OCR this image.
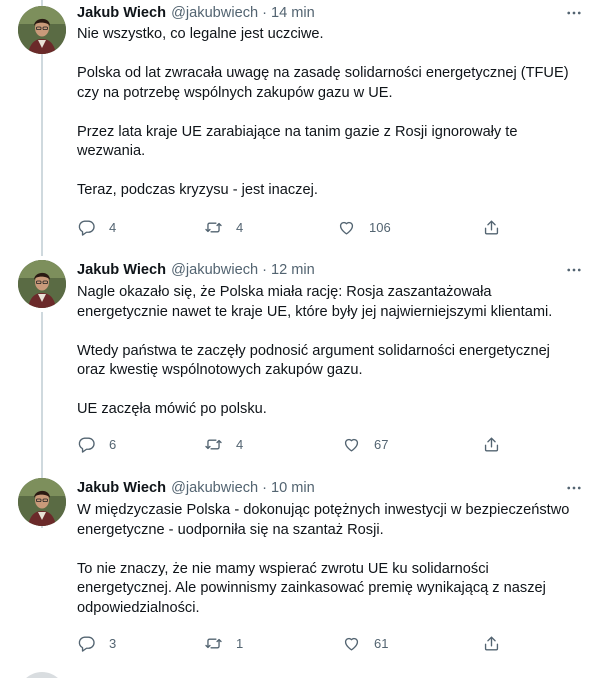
Jakub Wiech @jakubwiech · 14 min

Nie wszystko, co legalne jest uczciwe.

Polska od lat zwracała uwagę na zasadę solidarności energetycznej (TFUE) czy na potrzebę wspólnych zakupów gazu w UE.

Przez lata kraje UE zarabiające na tanim gazie z Rosji ignorowały te wezwania.

Teraz, podczas kryzysu - jest inaczej.

4	4	106
Jakub Wiech @jakubwiech · 12 min

Nagle okazało się, że Polska miała rację: Rosja zaszantażowała energetycznie nawet te kraje UE, które były jej najwierniejszymi klientami.

Wtedy państwa te zaczęły podnosić argument solidarności energetycznej oraz kwestię wspólnotowych zakupów gazu.

UE zaczęła mówić po polsku.

6	4	67
Jakub Wiech @jakubwiech · 10 min

W międzyczasie Polska - dokonując potężnych inwestycji w bezpieczeństwo energetyczne - uodporniła się na szantaż Rosji.

To nie znaczy, że nie mamy wspierać zwrotu UE ku solidarności energetycznej. Ale powinnismy zainkasować premię wynikającą z naszej odpowiedzialności.

3	1	61
